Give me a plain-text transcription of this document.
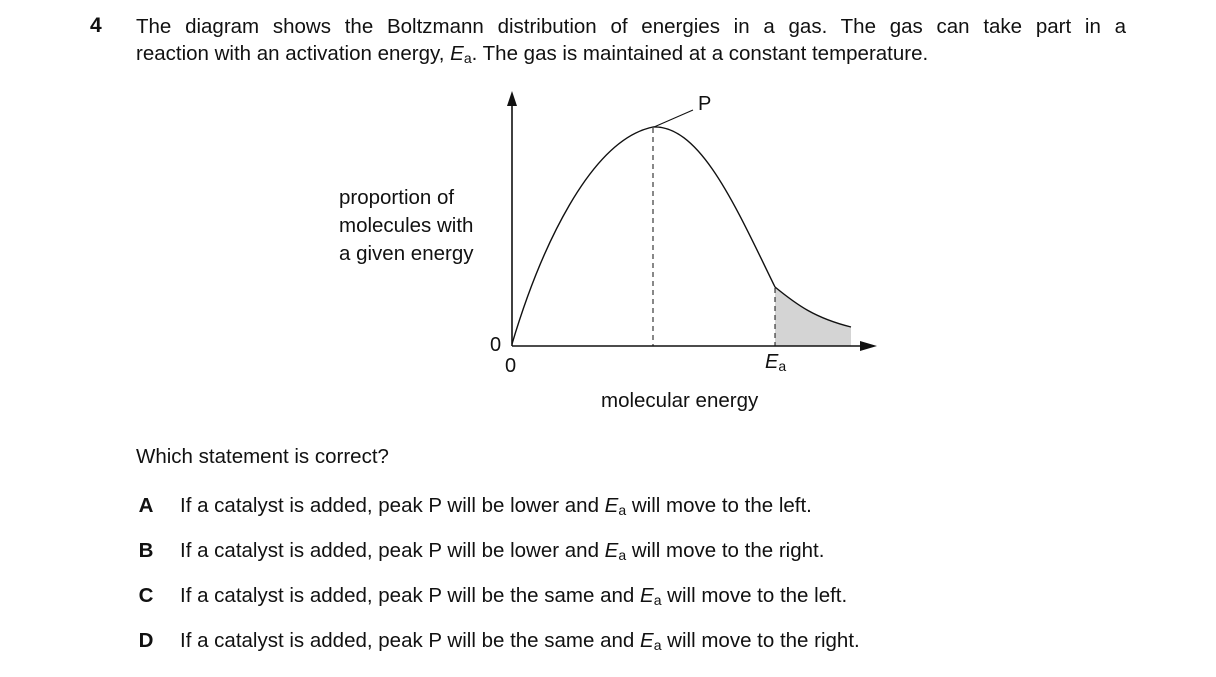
4 The diagram shows the Boltzmann distribution of energies in a gas. The gas can take part in a
reaction with an activation energy, $E_a$. The gas is maintained at a constant temperature.
proportion of
molecules with
a given energy
P
0
0	$E_a$
molecular energy
Which statement is correct?
A If a catalyst is added, peak P will be lower and $E_a$ will move to the left.
B If a catalyst is added, peak P will be lower and $E_a$ will move to the right.
C If a catalyst is added, peak P will be the same and $E_a$ will move to the left.
D If a catalyst is added, peak P will be the same and $E_a$ will move to the right.
